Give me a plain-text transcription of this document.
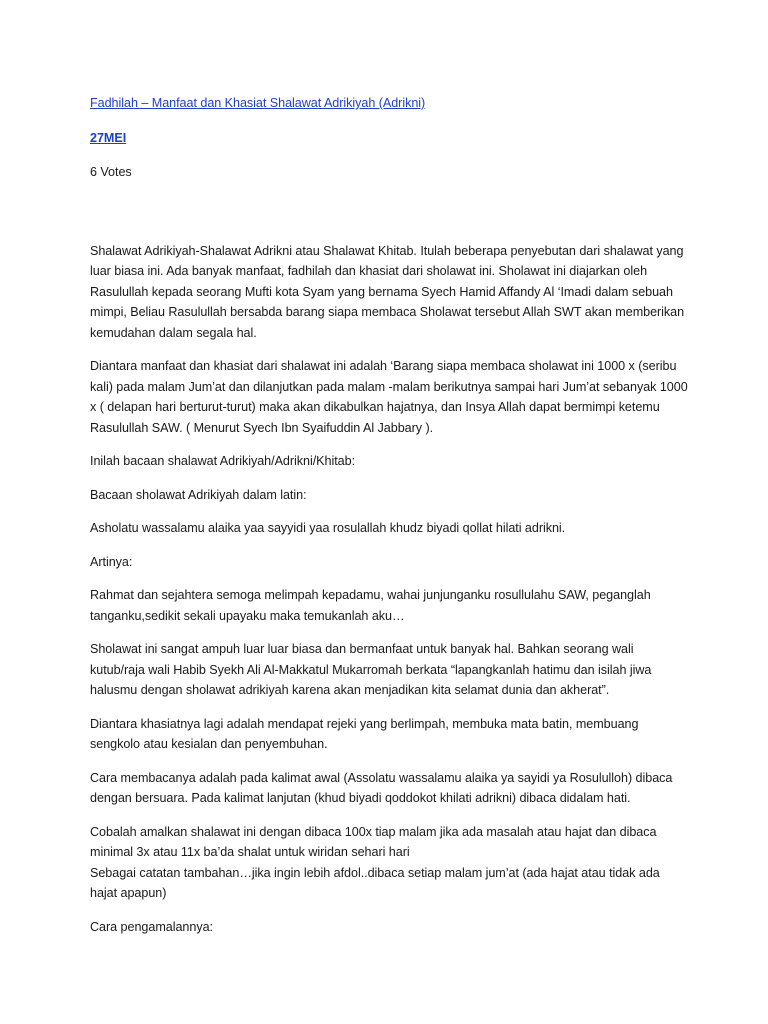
Fadhilah – Manfaat dan Khasiat Shalawat Adrikiyah (Adrikni)
27MEI
6 Votes

Shalawat Adrikiyah-Shalawat Adrikni atau Shalawat Khitab. Itulah beberapa penyebutan dari shalawat yang luar biasa ini. Ada banyak manfaat, fadhilah dan khasiat dari sholawat ini. Sholawat ini diajarkan oleh Rasulullah kepada seorang Mufti kota Syam yang bernama Syech Hamid Affandy Al ‘Imadi dalam sebuah mimpi, Beliau Rasulullah bersabda barang siapa membaca Sholawat tersebut Allah SWT akan memberikan kemudahan dalam segala hal.

Diantara manfaat dan khasiat dari shalawat ini adalah ‘Barang siapa membaca sholawat ini 1000 x (seribu kali) pada malam Jum’at dan dilanjutkan pada malam -malam berikutnya sampai hari Jum’at sebanyak 1000 x ( delapan hari berturut-turut) maka akan dikabulkan hajatnya, dan Insya Allah dapat bermimpi ketemu Rasulullah SAW. ( Menurut Syech Ibn Syaifuddin Al Jabbary ).

Inilah bacaan shalawat Adrikiyah/Adrikni/Khitab:

Bacaan sholawat Adrikiyah dalam latin:

Asholatu wassalamu alaika yaa sayyidi yaa rosulallah khudz biyadi qollat hilati adrikni.

Artinya:

Rahmat dan sejahtera semoga melimpah kepadamu, wahai junjunganku rosullulahu SAW, peganglah tanganku,sedikit sekali upayaku maka temukanlah aku…

Sholawat ini sangat ampuh luar luar biasa dan bermanfaat untuk banyak hal. Bahkan seorang wali kutub/raja wali Habib Syekh Ali Al-Makkatul Mukarromah berkata “lapangkanlah hatimu dan isilah jiwa halusmu dengan sholawat adrikiyah karena akan menjadikan kita selamat dunia dan akherat”.

Diantara khasiatnya lagi adalah mendapat rejeki yang berlimpah, membuka mata batin, membuang sengkolo atau kesialan dan penyembuhan.

Cara membacanya adalah pada kalimat awal (Assolatu wassalamu alaika ya sayidi ya Rosululloh) dibaca dengan bersuara. Pada kalimat lanjutan (khud biyadi qoddokot khilati adrikni) dibaca didalam hati.

Cobalah amalkan shalawat ini dengan dibaca 100x tiap malam jika ada masalah atau hajat dan dibaca minimal 3x atau 11x ba’da shalat untuk wiridan sehari hari
Sebagai catatan tambahan…jika ingin lebih afdol..dibaca setiap malam jum’at (ada hajat atau tidak ada hajat apapun)

Cara pengamalannya:
